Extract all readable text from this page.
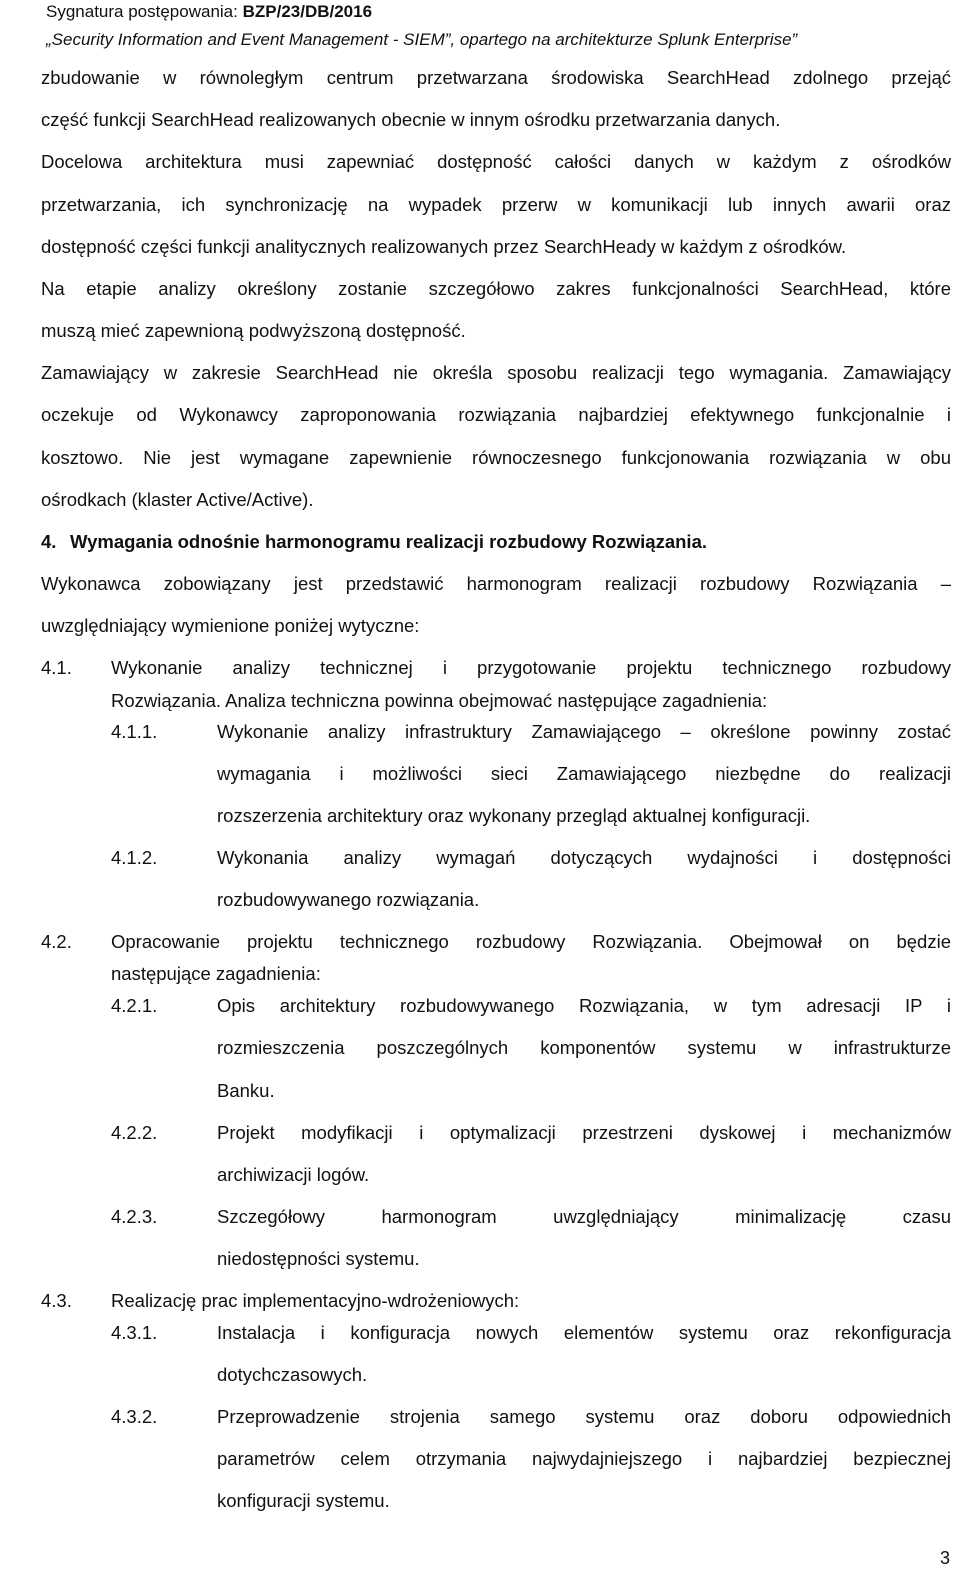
Sygnatura postępowania: BZP/23/DB/2016
„Security Information and Event Management - SIEM”, opartego na architekturze Splunk Enterprise”
zbudowanie w równoległym centrum przetwarzana środowiska SearchHead zdolnego przejąć
część funkcji SearchHead realizowanych obecnie w innym ośrodku przetwarzania danych.
Docelowa architektura musi zapewniać dostępność całości danych w każdym z ośrodków
przetwarzania, ich synchronizację na wypadek przerw w komunikacji lub innych awarii oraz
dostępność części funkcji analitycznych realizowanych przez SearchHeady w każdym z ośrodków.
Na etapie analizy określony zostanie szczegółowo zakres funkcjonalności SearchHead, które
muszą mieć zapewnioną podwyższoną dostępność.
Zamawiający w zakresie SearchHead nie określa sposobu realizacji tego wymagania. Zamawiający
oczekuje od Wykonawcy zaproponowania rozwiązania najbardziej efektywnego funkcjonalnie i
kosztowo. Nie jest wymagane zapewnienie równoczesnego funkcjonowania rozwiązania w obu
ośrodkach (klaster Active/Active).
4. Wymagania odnośnie harmonogramu realizacji rozbudowy Rozwiązania.
Wykonawca zobowiązany jest przedstawić harmonogram realizacji rozbudowy Rozwiązania –
uwzględniający wymienione poniżej wytyczne:
4.1. Wykonanie analizy technicznej i przygotowanie projektu technicznego rozbudowy
Rozwiązania. Analiza techniczna powinna obejmować następujące zagadnienia:
4.1.1.	Wykonanie analizy infrastruktury Zamawiającego – określone powinny zostać
wymagania i możliwości sieci Zamawiającego niezbędne do realizacji
rozszerzenia architektury oraz wykonany przegląd aktualnej konfiguracji.
4.1.2.	Wykonania analizy wymagań dotyczących wydajności i dostępności
rozbudowywanego rozwiązania.
4.2. Opracowanie projektu technicznego rozbudowy Rozwiązania. Obejmował on będzie
następujące zagadnienia:
4.2.1.	Opis architektury rozbudowywanego Rozwiązania, w tym adresacji IP i
rozmieszczenia poszczególnych komponentów systemu w infrastrukturze
Banku.
4.2.2.	Projekt modyfikacji i optymalizacji przestrzeni dyskowej i mechanizmów
archiwizacji logów.
4.2.3.	Szczegółowy harmonogram uwzględniający minimalizację czasu
niedostępności systemu.
4.3. Realizację prac implementacyjno-wdrożeniowych:
4.3.1.	Instalacja i konfiguracja nowych elementów systemu oraz rekonfiguracja
dotychczasowych.
4.3.2.	Przeprowadzenie strojenia samego systemu oraz doboru odpowiednich
parametrów celem otrzymania najwydajniejszego i najbardziej bezpiecznej
konfiguracji systemu.
3
